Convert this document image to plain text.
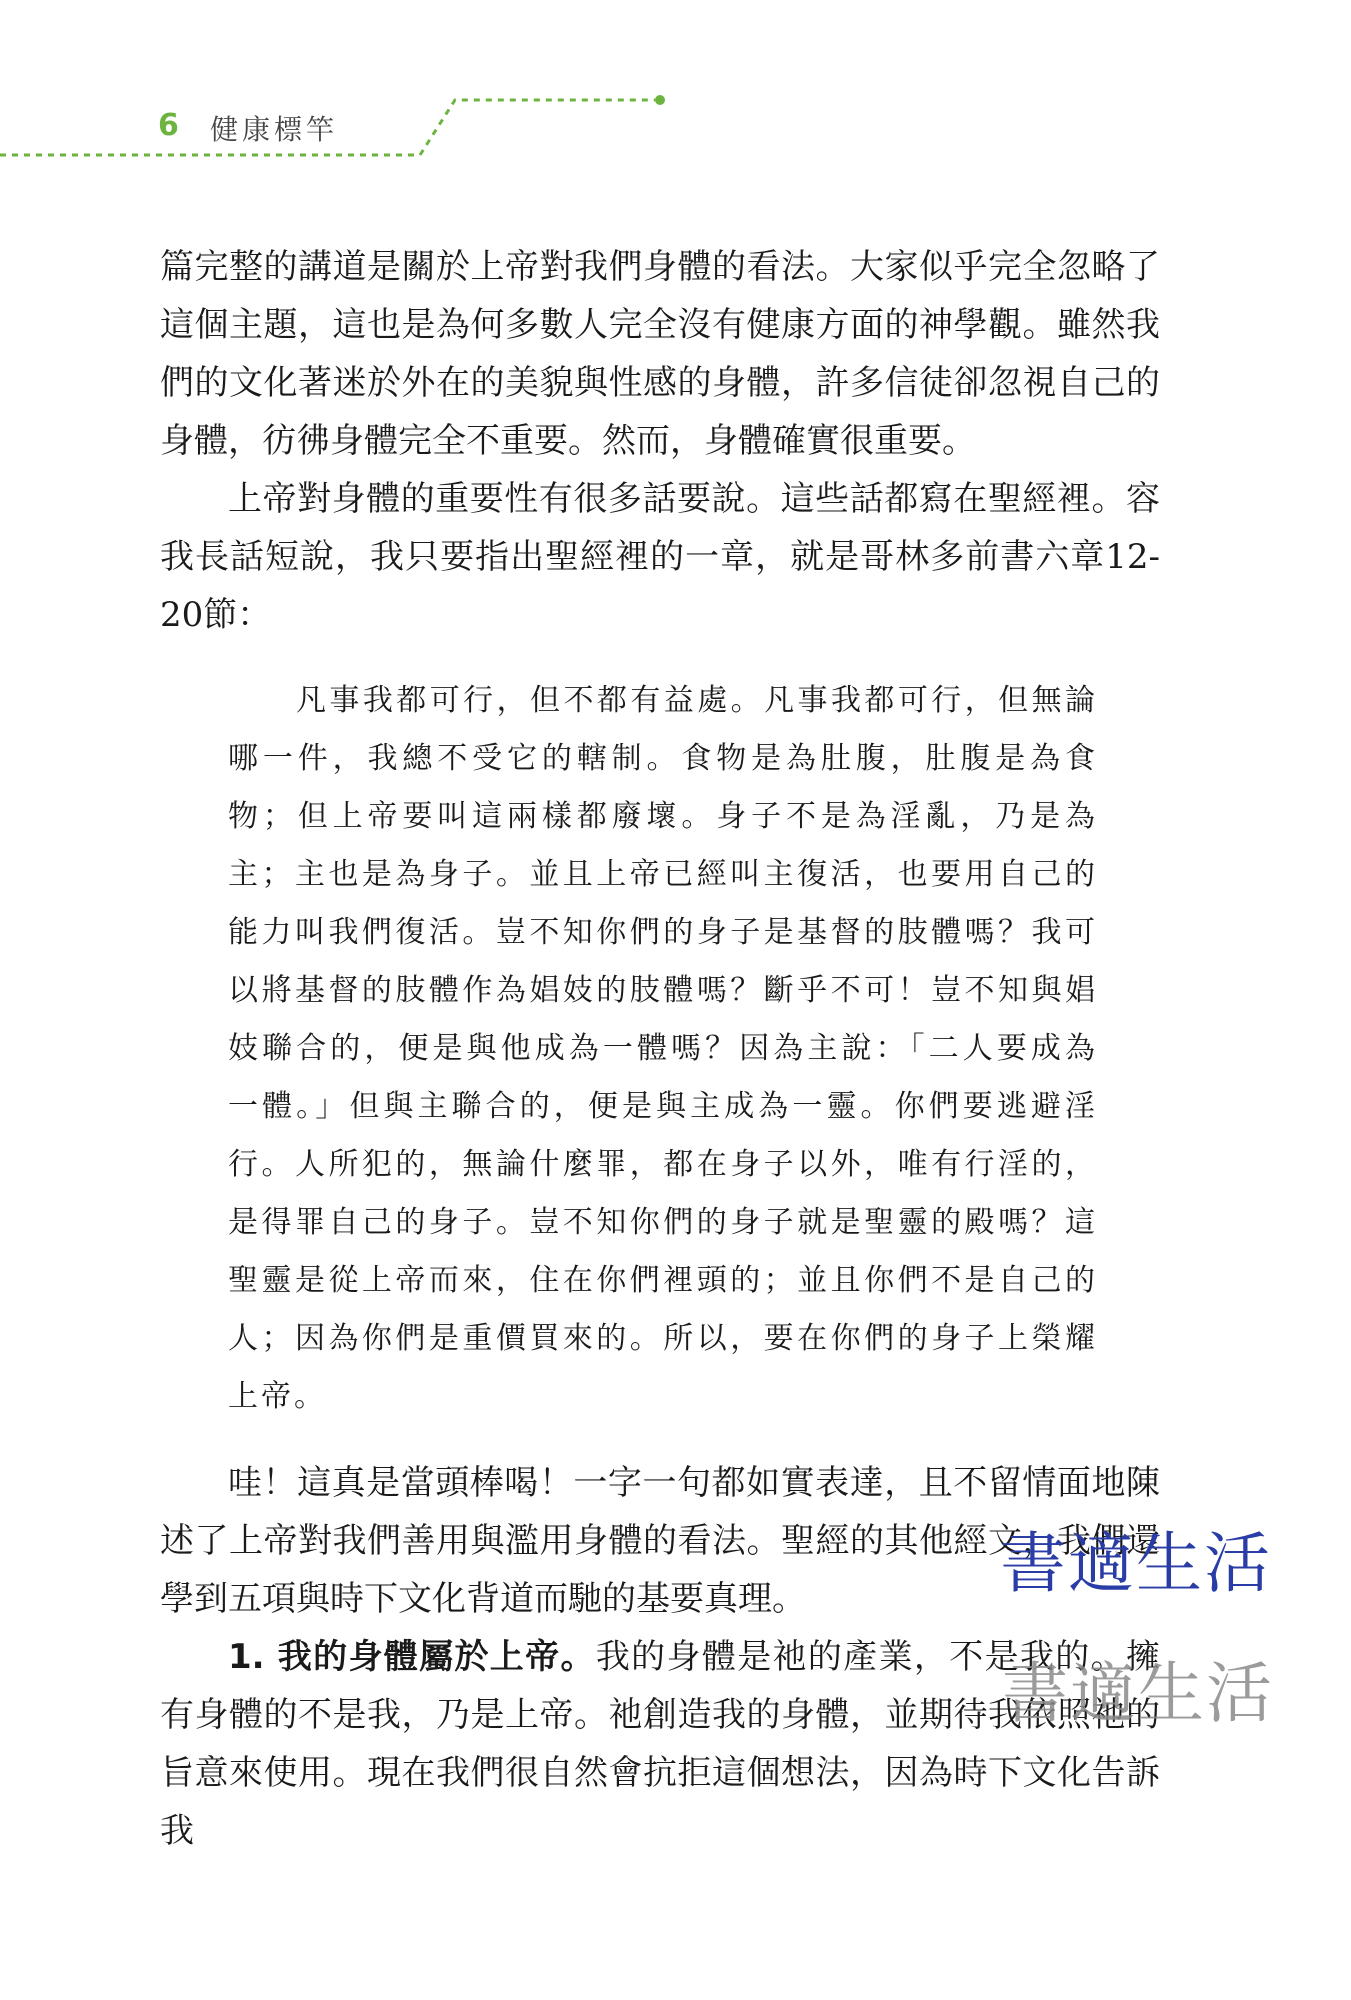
6 健康標竿

篇完整的講道是關於上帝對我們身體的看法。大家似乎完全忽略了這個主題，這也是為何多數人完全沒有健康方面的神學觀。雖然我們的文化著迷於外在的美貌與性感的身體，許多信徒卻忽視自己的身體，彷彿身體完全不重要。然而，身體確實很重要。

上帝對身體的重要性有很多話要說。這些話都寫在聖經裡。容我長話短說，我只要指出聖經裡的一章，就是哥林多前書六章12-20節：

凡事我都可行，但不都有益處。凡事我都可行，但無論哪一件，我總不受它的轄制。食物是為肚腹，肚腹是為食物；但上帝要叫這兩樣都廢壞。身子不是為淫亂，乃是為主；主也是為身子。並且上帝已經叫主復活，也要用自己的能力叫我們復活。豈不知你們的身子是基督的肢體嗎？我可以將基督的肢體作為娼妓的肢體嗎？斷乎不可！豈不知與娼妓聯合的，便是與他成為一體嗎？因為主說：「二人要成為一體。」但與主聯合的，便是與主成為一靈。你們要逃避淫行。人所犯的，無論什麼罪，都在身子以外，唯有行淫的，是得罪自己的身子。豈不知你們的身子就是聖靈的殿嗎？這聖靈是從上帝而來，住在你們裡頭的；並且你們不是自己的人；因為你們是重價買來的。所以，要在你們的身子上榮耀上帝。

哇！這真是當頭棒喝！一字一句都如實表達，且不留情面地陳述了上帝對我們善用與濫用身體的看法。聖經的其他經文，我們還學到五項與時下文化背道而馳的基要真理。

1. 我的身體屬於上帝。我的身體是祂的產業，不是我的。擁有身體的不是我，乃是上帝。祂創造我的身體，並期待我依照祂的旨意來使用。現在我們很自然會抗拒這個想法，因為時下文化告訴我

書適生活
書適生活
